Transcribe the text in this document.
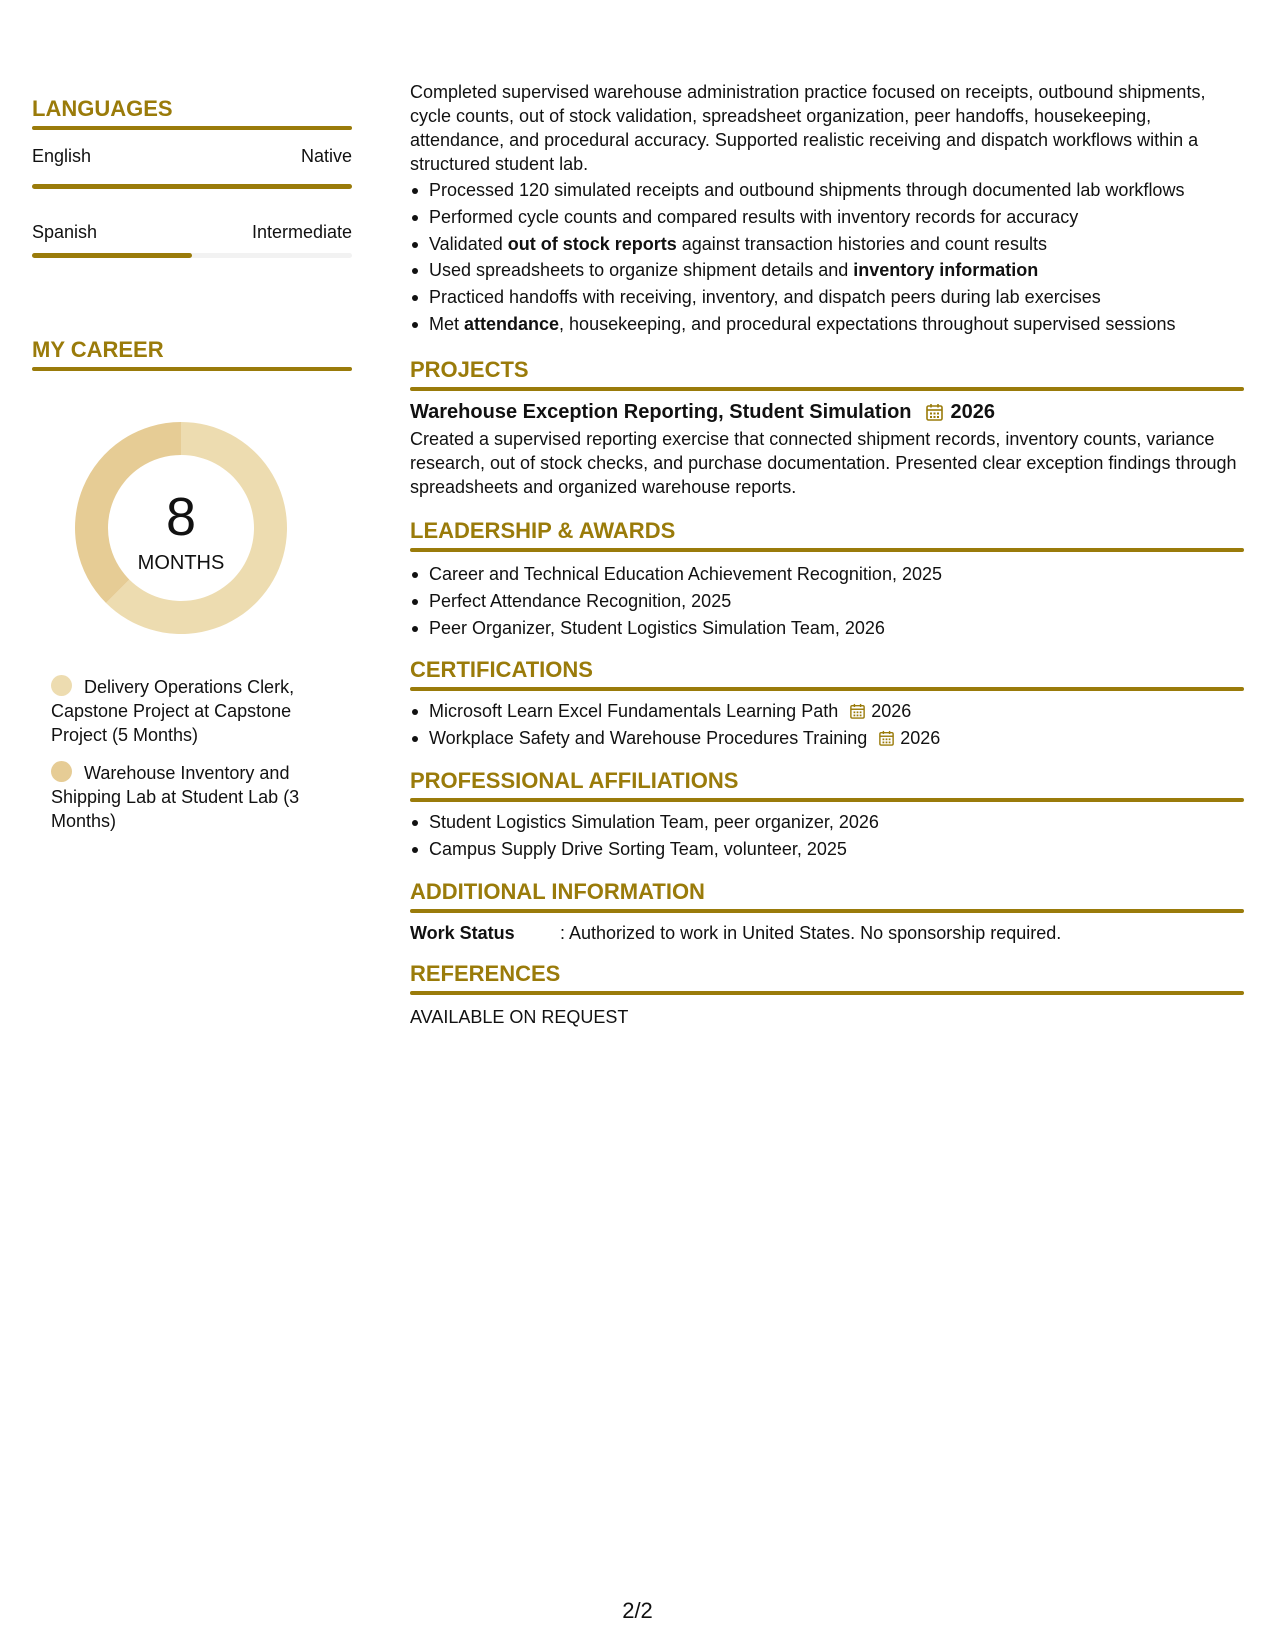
LANGUAGES
English	Native
Spanish	Intermediate
MY CAREER
8
MONTHS
Delivery Operations Clerk, Capstone Project at Capstone Project (5 Months)
Warehouse Inventory and Shipping Lab at Student Lab (3 Months)
Completed supervised warehouse administration practice focused on receipts, outbound shipments, cycle counts, out of stock validation, spreadsheet organization, peer handoffs, housekeeping, attendance, and procedural accuracy. Supported realistic receiving and dispatch workflows within a structured student lab.
Processed 120 simulated receipts and outbound shipments through documented lab workflows
Performed cycle counts and compared results with inventory records for accuracy
Validated out of stock reports against transaction histories and count results
Used spreadsheets to organize shipment details and inventory information
Practiced handoffs with receiving, inventory, and dispatch peers during lab exercises
Met attendance, housekeeping, and procedural expectations throughout supervised sessions
PROJECTS
Warehouse Exception Reporting, Student Simulation 2026
Created a supervised reporting exercise that connected shipment records, inventory counts, variance research, out of stock checks, and purchase documentation. Presented clear exception findings through spreadsheets and organized warehouse reports.
LEADERSHIP & AWARDS
Career and Technical Education Achievement Recognition, 2025
Perfect Attendance Recognition, 2025
Peer Organizer, Student Logistics Simulation Team, 2026
CERTIFICATIONS
Microsoft Learn Excel Fundamentals Learning Path 2026
Workplace Safety and Warehouse Procedures Training 2026
PROFESSIONAL AFFILIATIONS
Student Logistics Simulation Team, peer organizer, 2026
Campus Supply Drive Sorting Team, volunteer, 2025
ADDITIONAL INFORMATION
Work Status	: Authorized to work in United States. No sponsorship required.
REFERENCES
AVAILABLE ON REQUEST
2/2
